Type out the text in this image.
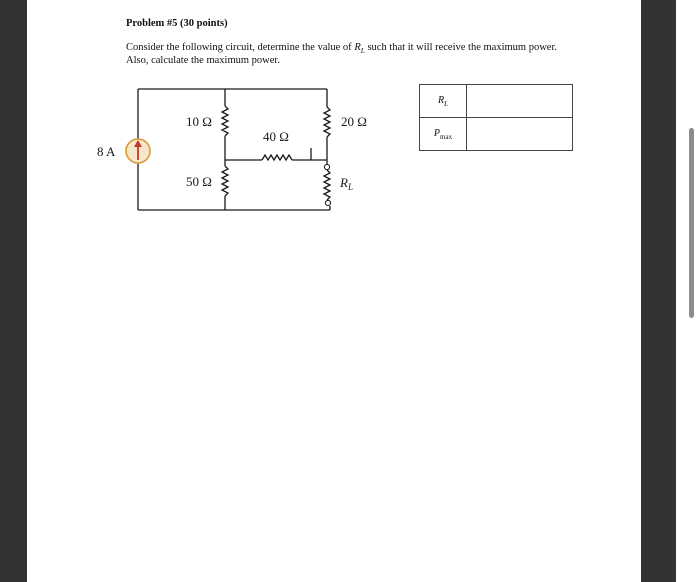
Problem #5 (30 points)
Consider the following circuit, determine the value of $R_L$ such that it will receive the maximum power.
Also, calculate the maximum power.
8 A
10 Ω
40 Ω
20 Ω
50 Ω	$R_L$
$R_L$	
$P_{max}$	
